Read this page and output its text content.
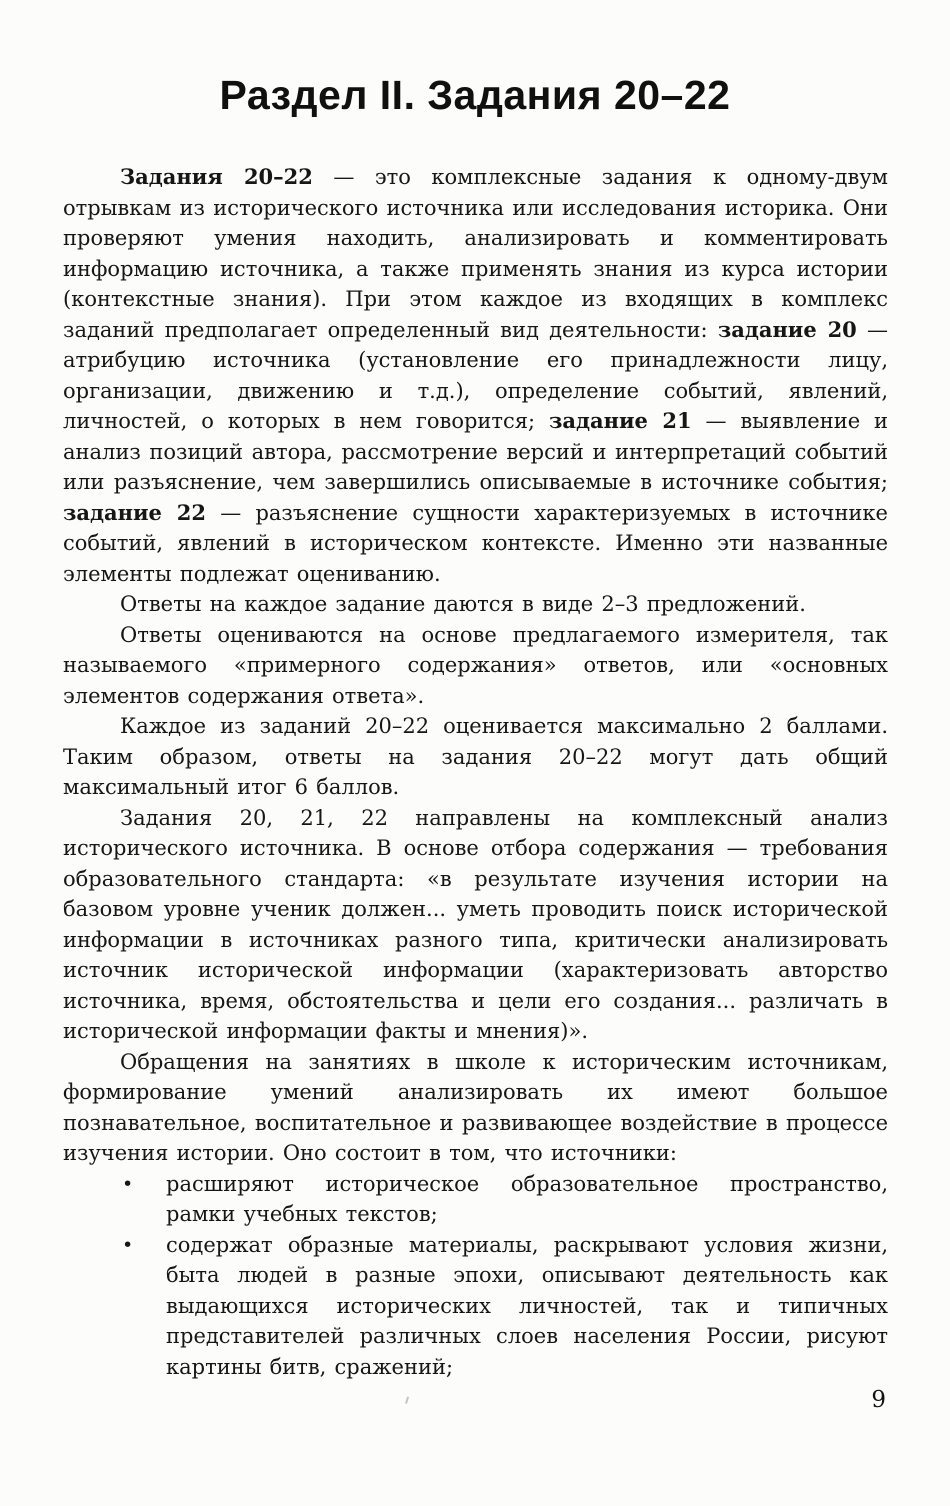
Раздел II. Задания 20–22

Задания 20–22 — это комплексные задания к одному-двум отрывкам из исторического источника или исследования историка. Они проверяют умения находить, анализировать и комментировать информацию источника, а также применять знания из курса истории (контекстные знания). При этом каждое из входящих в комплекс заданий предполагает определенный вид деятельности: задание 20 — атрибуцию источника (установление его принадлежности лицу, организации, движению и т.д.), определение событий, явлений, личностей, о которых в нем говорится; задание 21 — выявление и анализ позиций автора, рассмотрение версий и интерпретаций событий или разъяснение, чем завершились описываемые в источнике события; задание 22 — разъяснение сущности характеризуемых в источнике событий, явлений в историческом контексте. Именно эти названные элементы подлежат оцениванию.

Ответы на каждое задание даются в виде 2–3 предложений.

Ответы оцениваются на основе предлагаемого измерителя, так называемого «примерного содержания» ответов, или «основных элементов содержания ответа».

Каждое из заданий 20–22 оценивается максимально 2 баллами. Таким образом, ответы на задания 20–22 могут дать общий максимальный итог 6 баллов.

Задания 20, 21, 22 направлены на комплексный анализ исторического источника. В основе отбора содержания — требования образовательного стандарта: «в результате изучения истории на базовом уровне ученик должен... уметь проводить поиск исторической информации в источниках разного типа, критически анализировать источник исторической информации (характеризовать авторство источника, время, обстоятельства и цели его создания... различать в исторической информации факты и мнения)».

Обращения на занятиях в школе к историческим источникам, формирование умений анализировать их имеют большое познавательное, воспитательное и развивающее воздействие в процессе изучения истории. Оно состоит в том, что источники:

•	расширяют историческое образовательное пространство, рамки учебных текстов;
•	содержат образные материалы, раскрывают условия жизни, быта людей в разные эпохи, описывают деятельность как выдающихся исторических личностей, так и типичных представителей различных слоев населения России, рисуют картины битв, сражений;
9
